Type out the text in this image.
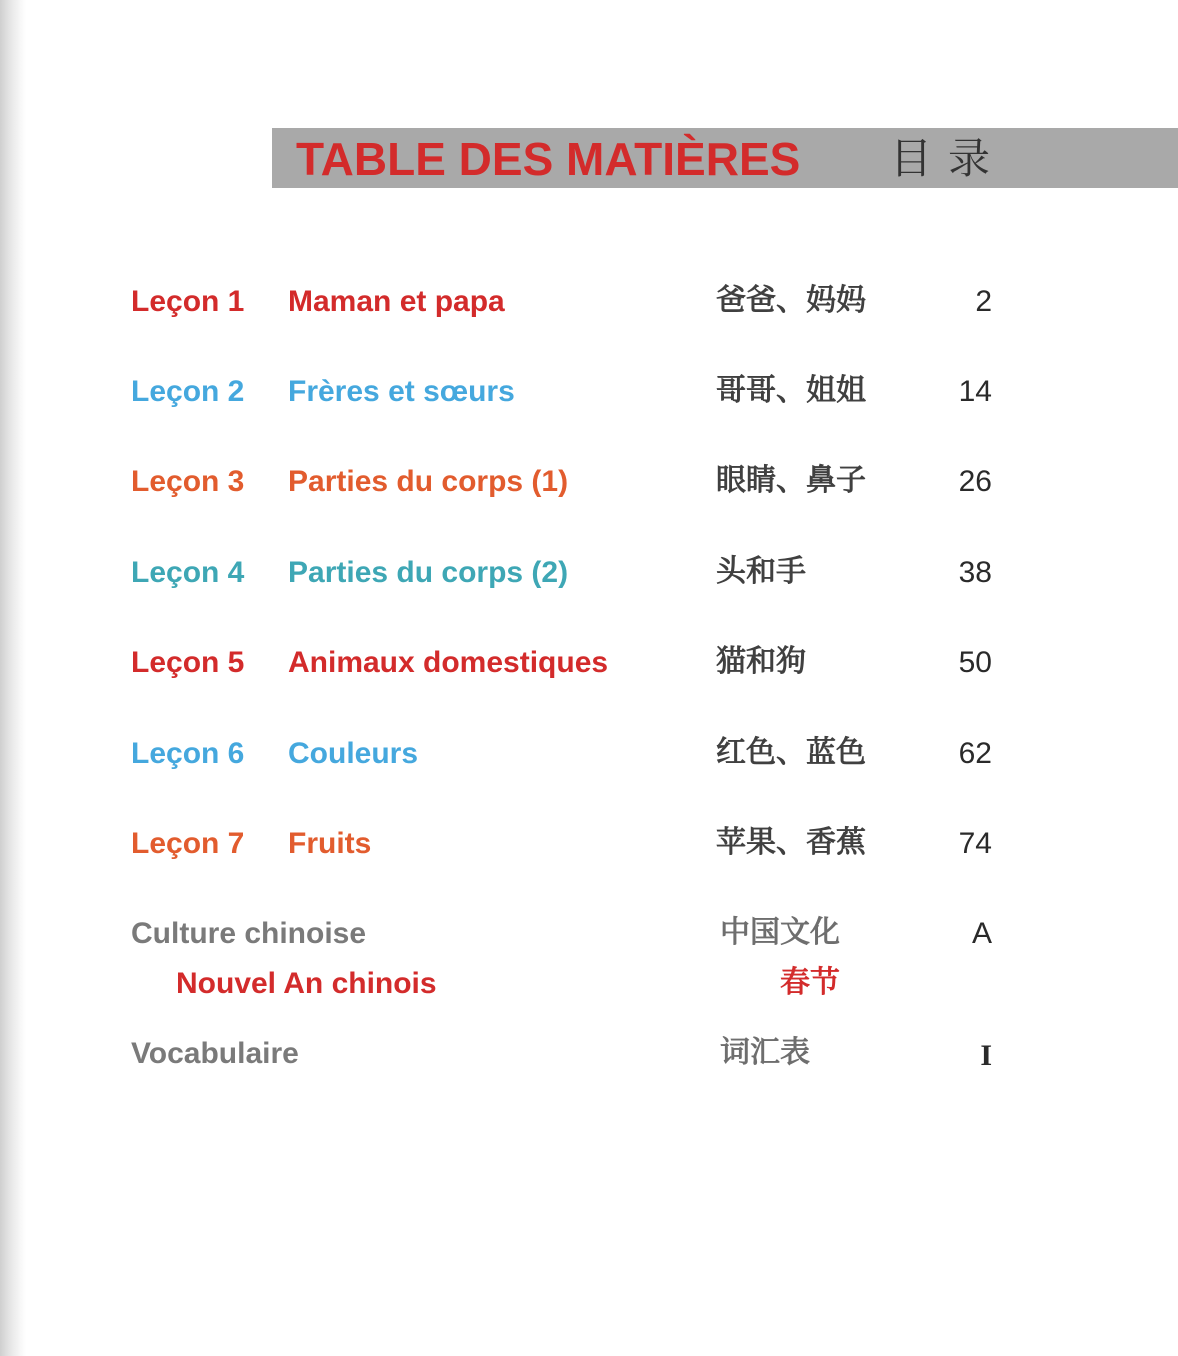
TABLE DES MATIÈRES 目录
Leçon 1 Maman et papa	爸爸、妈妈	2
Leçon 2 Frères et sœurs	哥哥、姐姐	14
Leçon 3 Parties du corps (1)	眼睛、鼻子	26
Leçon 4 Parties du corps (2)	头和手	38
Leçon 5 Animaux domestiques	猫和狗	50
Leçon 6 Couleurs	红色、蓝色	62
Leçon 7 Fruits	苹果、香蕉	74
Culture chinoise	中国文化	A
Nouvel An chinois	春节
Vocabulaire	词汇表	I
